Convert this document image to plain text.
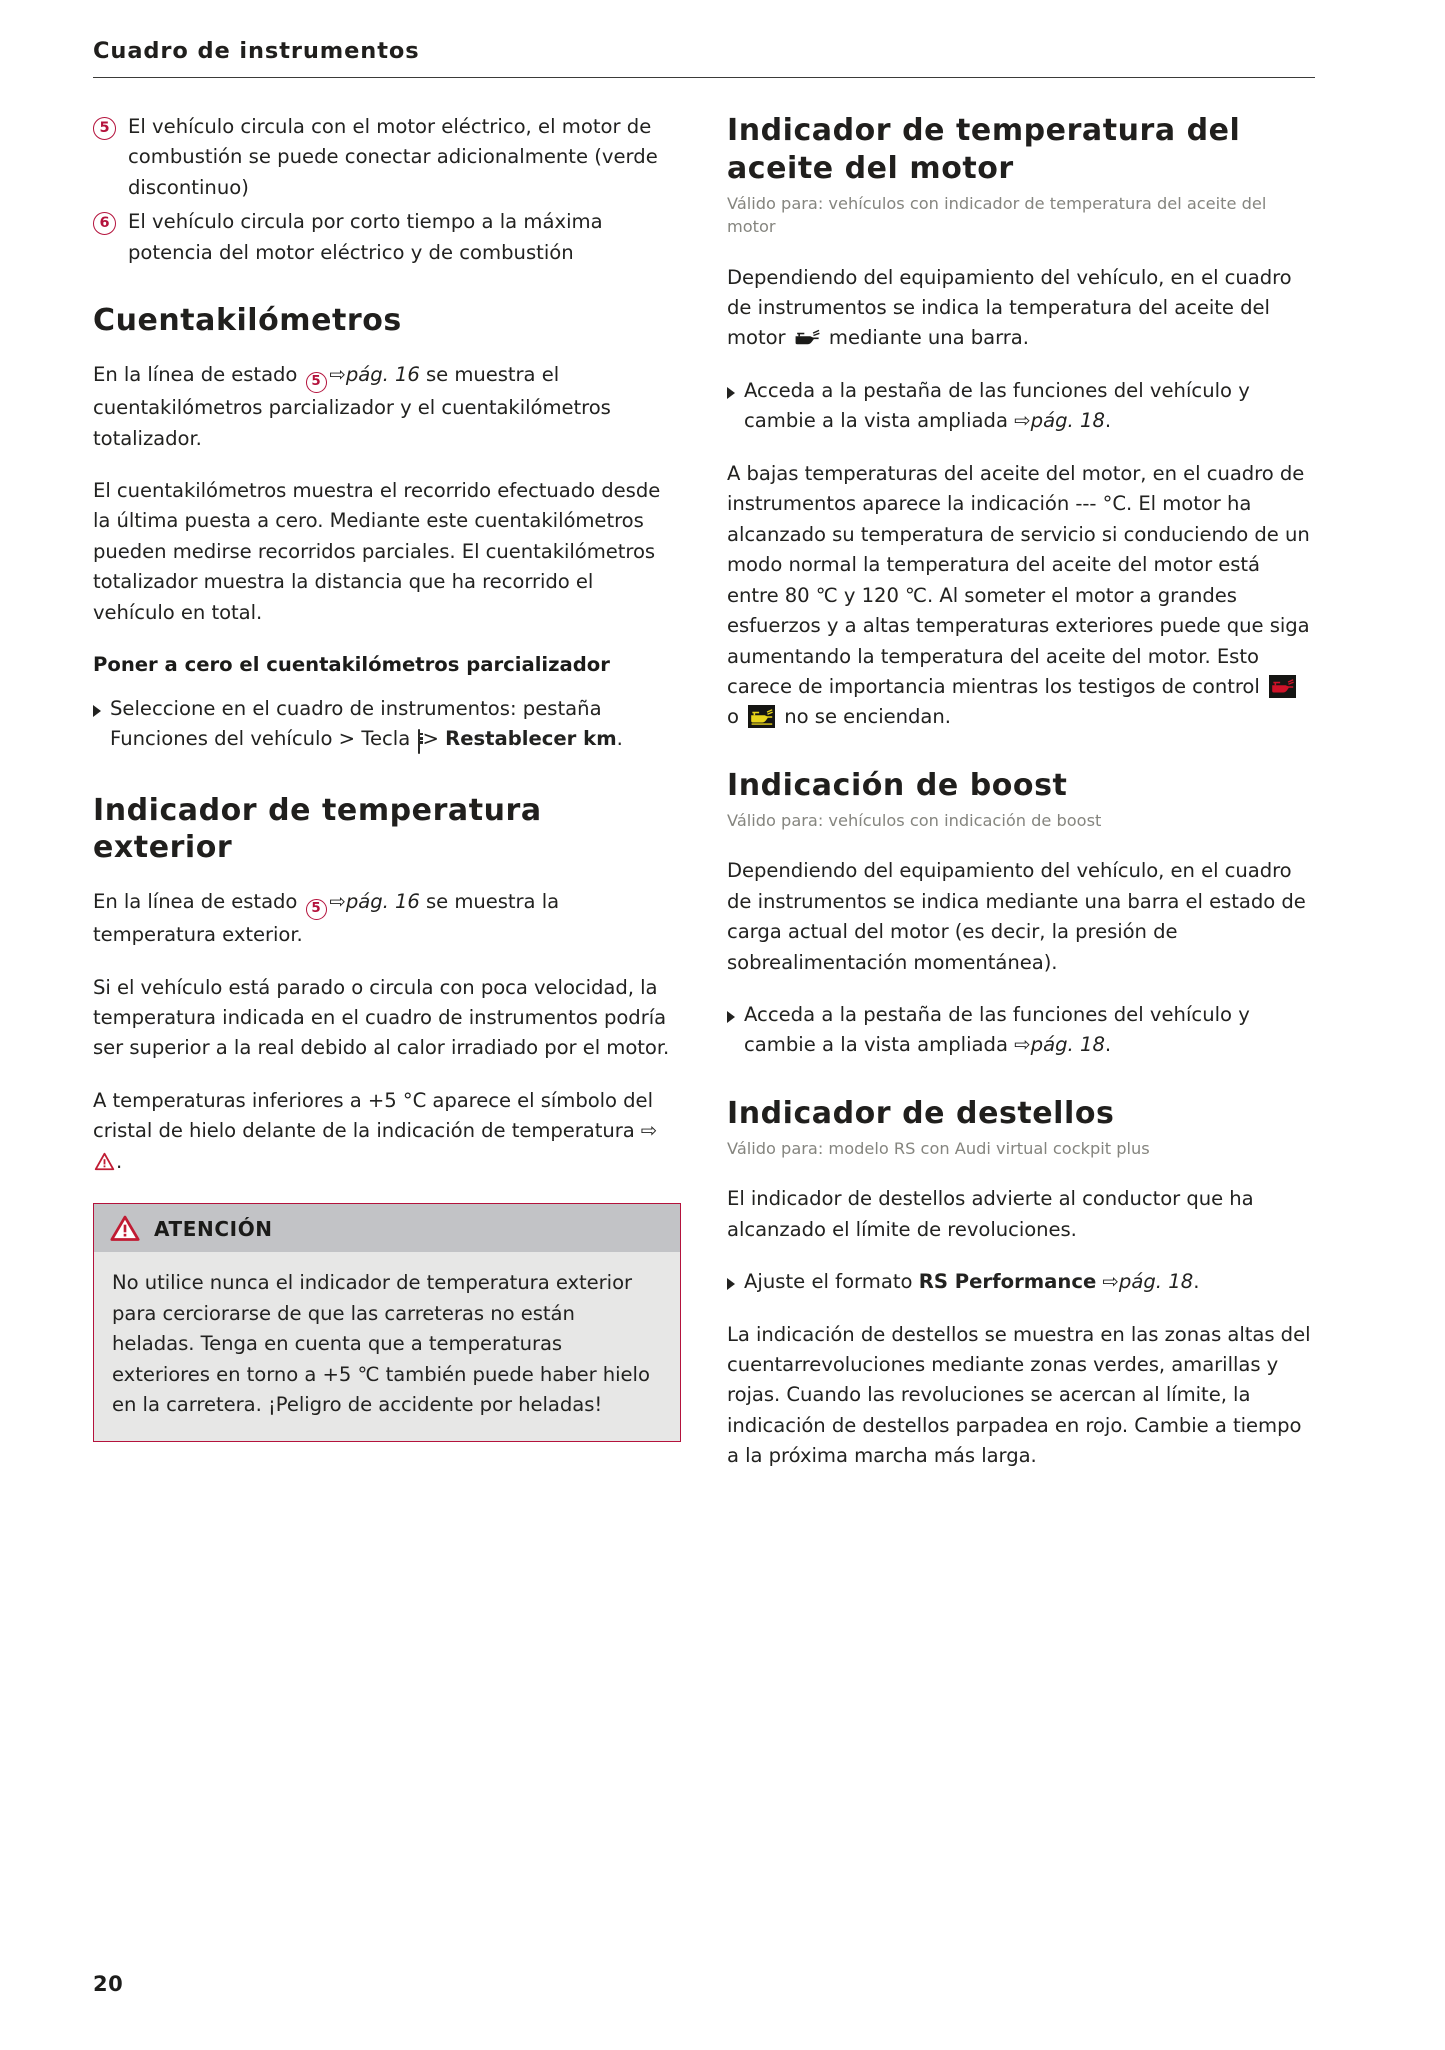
Cuadro de instrumentos
5 El vehículo circula con el motor eléctrico, el motor de combustión se puede conectar adicionalmente (verde discontinuo)
6 El vehículo circula por corto tiempo a la máxima potencia del motor eléctrico y de combustión
Cuentakilómetros

En la línea de estado 5 ⇨pág. 16 se muestra el cuentakilómetros parcializador y el cuentakilómetros totalizador.

El cuentakilómetros muestra el recorrido efectuado desde la última puesta a cero. Mediante este cuentakilómetros pueden medirse recorridos parciales. El cuentakilómetros totalizador muestra la distancia que ha recorrido el vehículo en total.

Poner a cero el cuentakilómetros parcializador
Seleccione en el cuadro de instrumentos: pestaña Funciones del vehículo > Tecla
> Restablecer km.
Indicador de temperatura exterior

En la línea de estado 5 ⇨pág. 16 se muestra la temperatura exterior.

Si el vehículo está parado o circula con poca velocidad, la temperatura indicada en el cuadro de instrumentos podría ser superior a la real debido al calor irradiado por el motor.

A temperaturas inferiores a +5 °C aparece el símbolo del cristal de hielo delante de la indicación de temperatura ⇨ .

ATENCIÓN

No utilice nunca el indicador de temperatura exterior para cerciorarse de que las carreteras no están heladas. Tenga en cuenta que a temperaturas exteriores en torno a +5 ℃ también puede haber hielo en la carretera. ¡Peligro de accidente por heladas!

Indicador de temperatura del aceite del motor
Válido para: vehículos con indicador de temperatura del aceite del motor

Dependiendo del equipamiento del vehículo, en el cuadro de instrumentos se indica la temperatura del aceite del motor  mediante una barra.

Acceda a la pestaña de las funciones del vehículo y cambie a la vista ampliada ⇨pág. 18.

A bajas temperaturas del aceite del motor, en el cuadro de instrumentos aparece la indicación --- °C. El motor ha alcanzado su temperatura de servicio si conduciendo de un modo normal la temperatura del aceite del motor está entre 80 ℃ y 120 ℃. Al someter el motor a grandes esfuerzos y a altas temperaturas exteriores puede que siga aumentando la temperatura del aceite del motor. Esto carece de importancia mientras los testigos de control  o  no se enciendan.

Indicación de boost
Válido para: vehículos con indicación de boost

Dependiendo del equipamiento del vehículo, en el cuadro de instrumentos se indica mediante una barra el estado de carga actual del motor (es decir, la presión de sobrealimentación momentánea).

Acceda a la pestaña de las funciones del vehículo y cambie a la vista ampliada ⇨pág. 18.
Indicador de destellos
Válido para: modelo RS con Audi virtual cockpit plus

El indicador de destellos advierte al conductor que ha alcanzado el límite de revoluciones.

Ajuste el formato RS Performance ⇨pág. 18.

La indicación de destellos se muestra en las zonas altas del cuentarrevoluciones mediante zonas verdes, amarillas y rojas. Cuando las revoluciones se acercan al límite, la indicación de destellos parpadea en rojo. Cambie a tiempo a la próxima marcha más larga.

20
